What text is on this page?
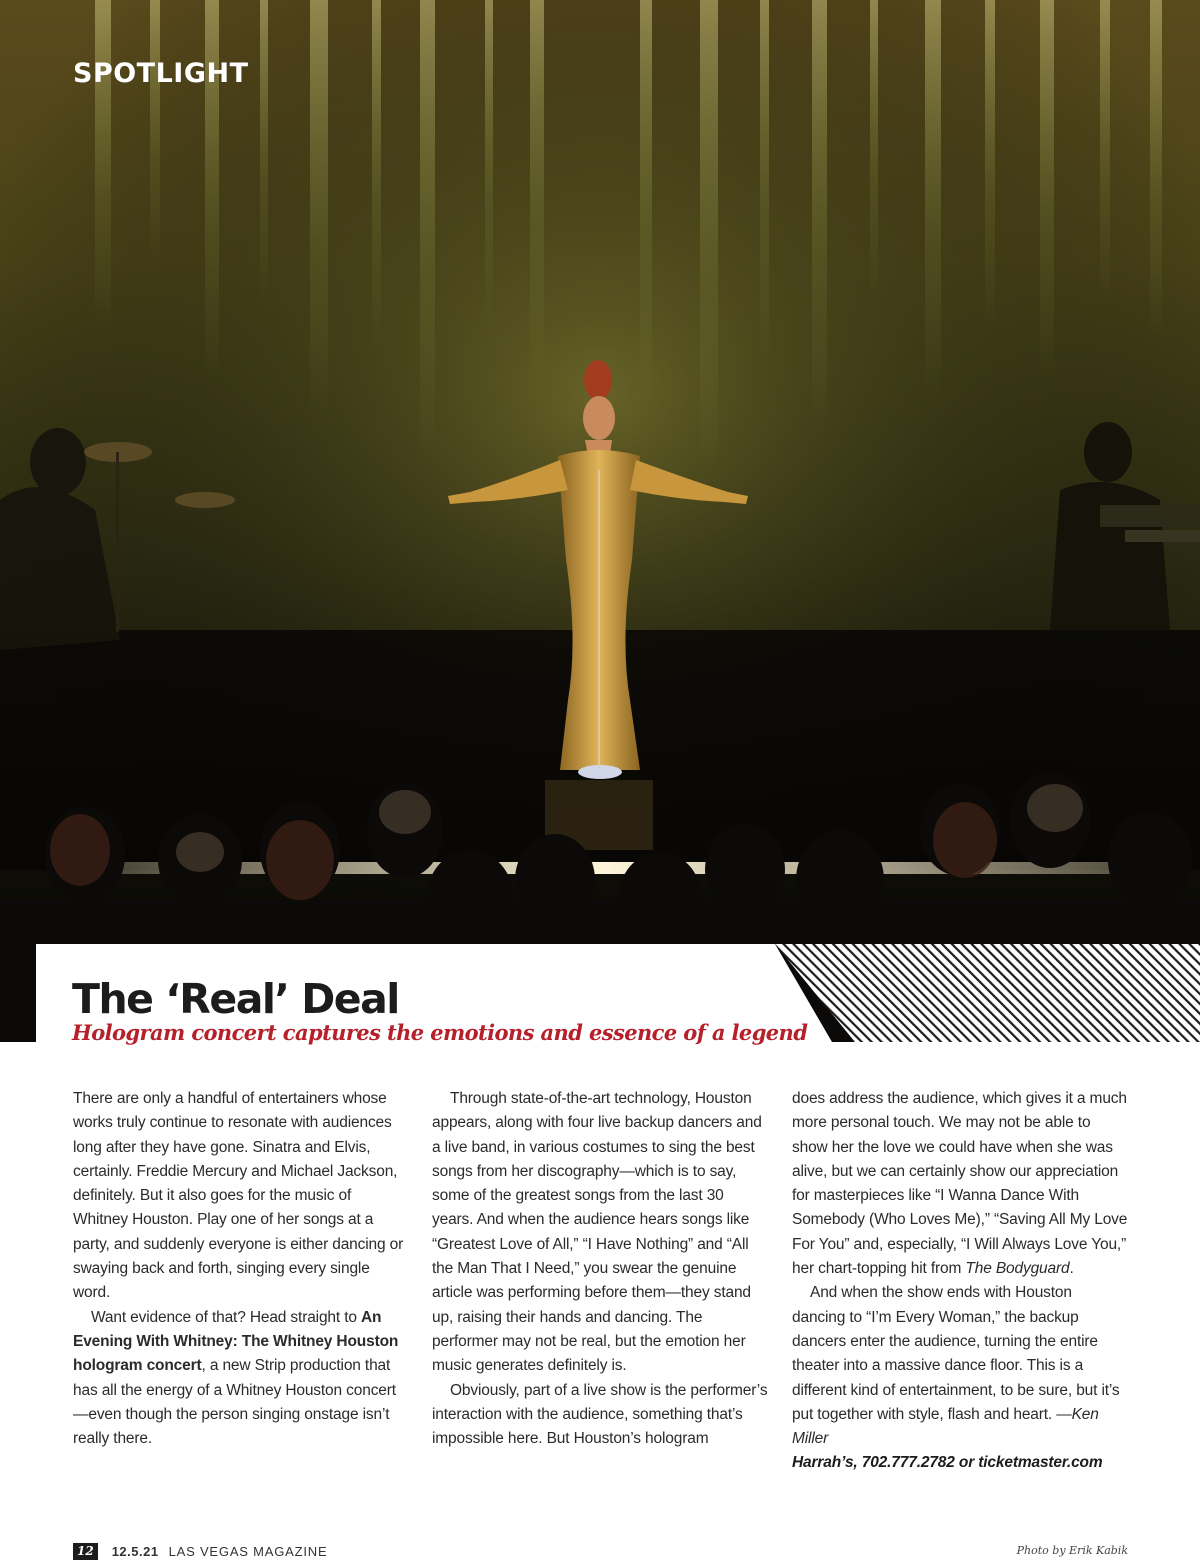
SPOTLIGHT
The ‘Real’ Deal
Hologram concert captures the emotions and essence of a legend

There are only a handful of entertainers whose works truly continue to resonate with audiences long after they have gone. Sinatra and Elvis, certainly. Freddie Mercury and Michael Jackson, definitely. But it also goes for the music of Whitney Houston. Play one of her songs at a party, and suddenly everyone is either dancing or swaying back and forth, singing every single word.

Want evidence of that? Head straight to An Evening With Whitney: The Whitney Houston hologram concert, a new Strip production that has all the energy of a Whitney Houston concert—even though the person singing onstage isn’t really there.

Through state-of-the-art technology, Houston appears, along with four live backup dancers and a live band, in various costumes to sing the best songs from her discography—which is to say, some of the greatest songs from the last 30 years. And when the audience hears songs like “Greatest Love of All,” “I Have Nothing” and “All the Man That I Need,” you swear the genuine article was performing before them—they stand up, raising their hands and dancing. The performer may not be real, but the emotion her music generates definitely is.

Obviously, part of a live show is the performer’s interaction with the audience, something that’s impossible here. But Houston’s hologram

does address the audience, which gives it a much more personal touch. We may not be able to show her the love we could have when she was alive, but we can certainly show our appreciation for masterpieces like “I Wanna Dance With Somebody (Who Loves Me),” “Saving All My Love For You” and, especially, “I Will Always Love You,” her chart-topping hit from The Bodyguard.

And when the show ends with Houston dancing to “I’m Every Woman,” the backup dancers enter the audience, turning the entire theater into a massive dance floor. This is a different kind of entertainment, to be sure, but it’s put together with style, flash and heart. —Ken Miller

Harrah’s, 702.777.2782 or ticketmaster.com

12	12.5.21 LAS VEGAS MAGAZINE	Photo by Erik Kabik
